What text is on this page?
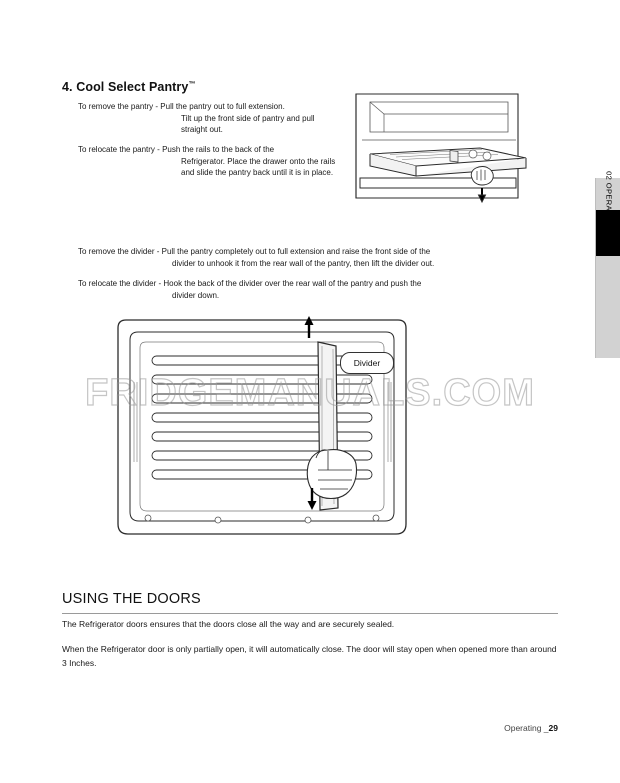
02 OPERATING
4. Cool Select Pantry™
To remove the pantry - Pull the pantry out to full extension.
Tilt up the front side of pantry and pull straight out.
To relocate the pantry - Push the rails to the back of the
Refrigerator. Place the drawer onto the rails and slide the pantry back until it is in place.
To remove the divider - Pull the pantry completely out to full extension and raise the front side of the
divider to unhook it from the rear wall of the pantry, then lift the divider out.
To relocate the divider - Hook the back of the divider over the rear wall of the pantry and push the
divider down.
Divider
USING THE DOORS
The Refrigerator doors ensures that the doors close all the way and are securely sealed.
When the Refrigerator door is only partially open, it will automatically close. The door will stay open when opened more than around 3 Inches.
Operating _29
